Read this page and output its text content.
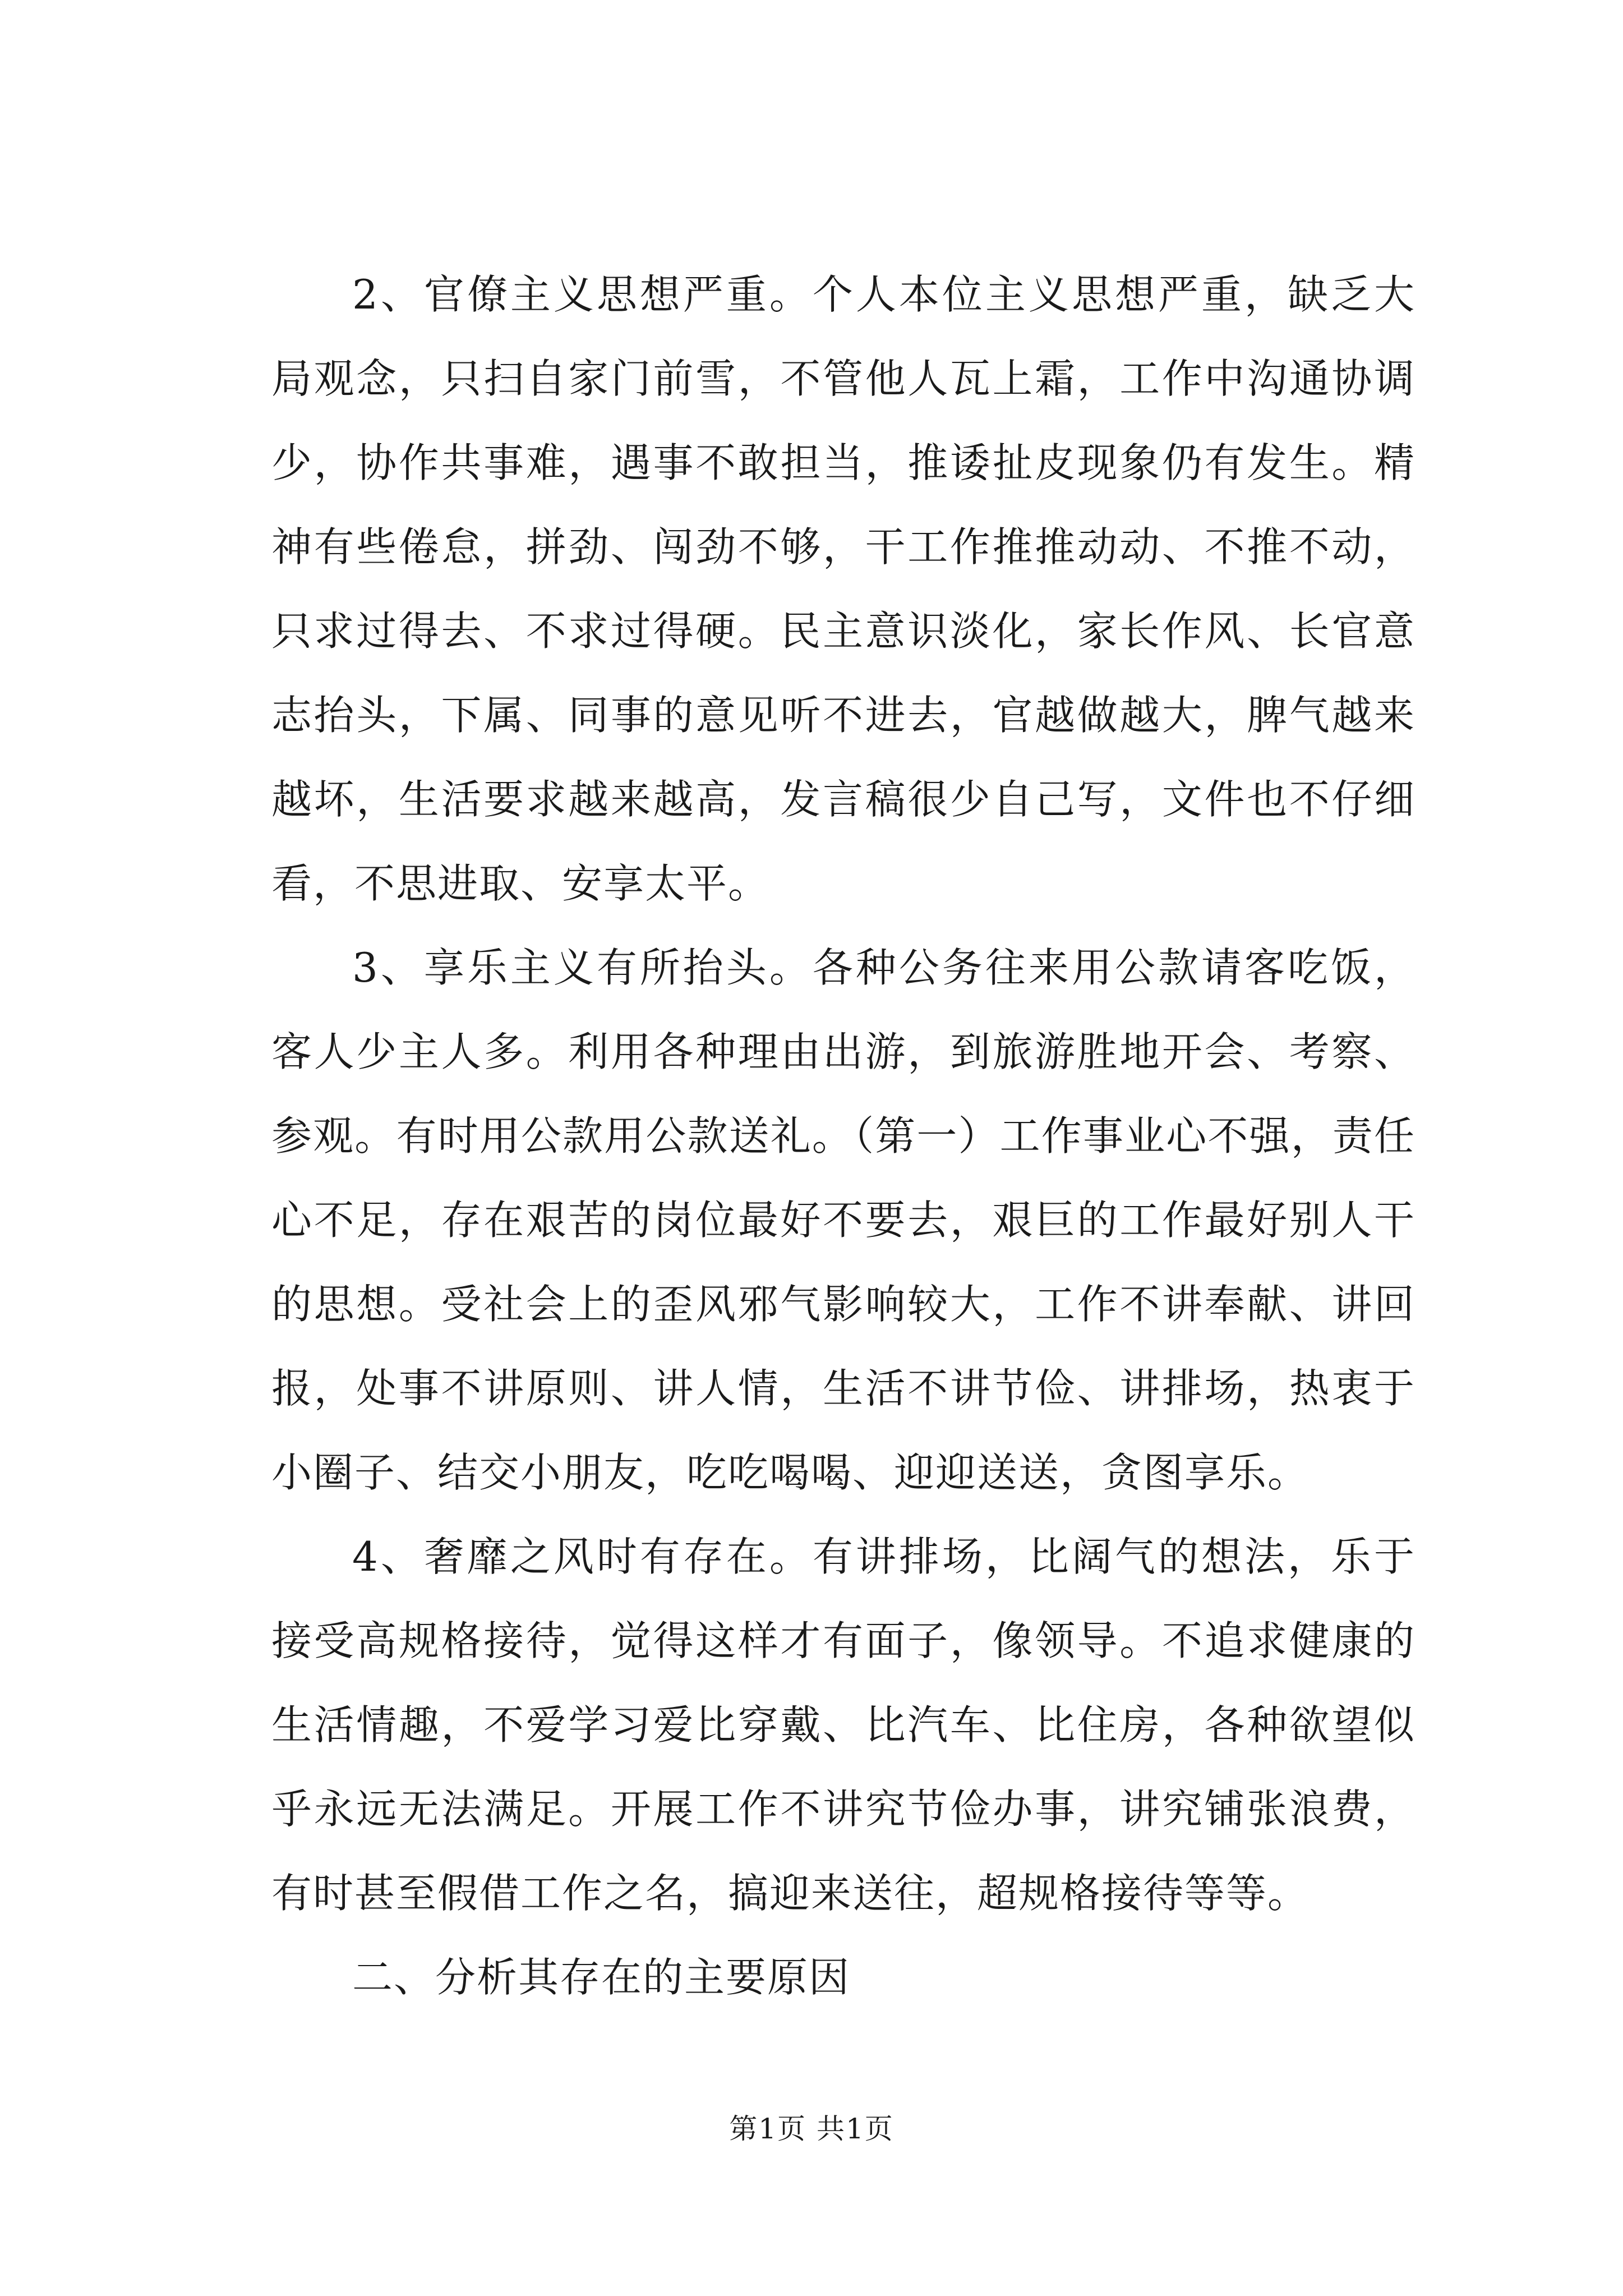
2、官僚主义思想严重。个人本位主义思想严重，缺乏大局观念，只扫自家门前雪，不管他人瓦上霜，工作中沟通协调少，协作共事难，遇事不敢担当，推诿扯皮现象仍有发生。精神有些倦怠，拼劲、闯劲不够，干工作推推动动、不推不动，只求过得去、不求过得硬。民主意识淡化，家长作风、长官意志抬头，下属、同事的意见听不进去，官越做越大，脾气越来越坏，生活要求越来越高，发言稿很少自己写，文件也不仔细看，不思进取、安享太平。

3、享乐主义有所抬头。各种公务往来用公款请客吃饭，客人少主人多。利用各种理由出游，到旅游胜地开会、考察、参观。有时用公款用公款送礼。（第一）工作事业心不强，责任心不足，存在艰苦的岗位最好不要去，艰巨的工作最好别人干的思想。受社会上的歪风邪气影响较大，工作不讲奉献、讲回报，处事不讲原则、讲人情，生活不讲节俭、讲排场，热衷于小圈子、结交小朋友，吃吃喝喝、迎迎送送，贪图享乐。

4、奢靡之风时有存在。有讲排场，比阔气的想法，乐于接受高规格接待，觉得这样才有面子，像领导。不追求健康的生活情趣，不爱学习爱比穿戴、比汽车、比住房，各种欲望似乎永远无法满足。开展工作不讲究节俭办事，讲究铺张浪费，有时甚至假借工作之名，搞迎来送往，超规格接待等等。

二、分析其存在的主要原因

第1页 共1页
